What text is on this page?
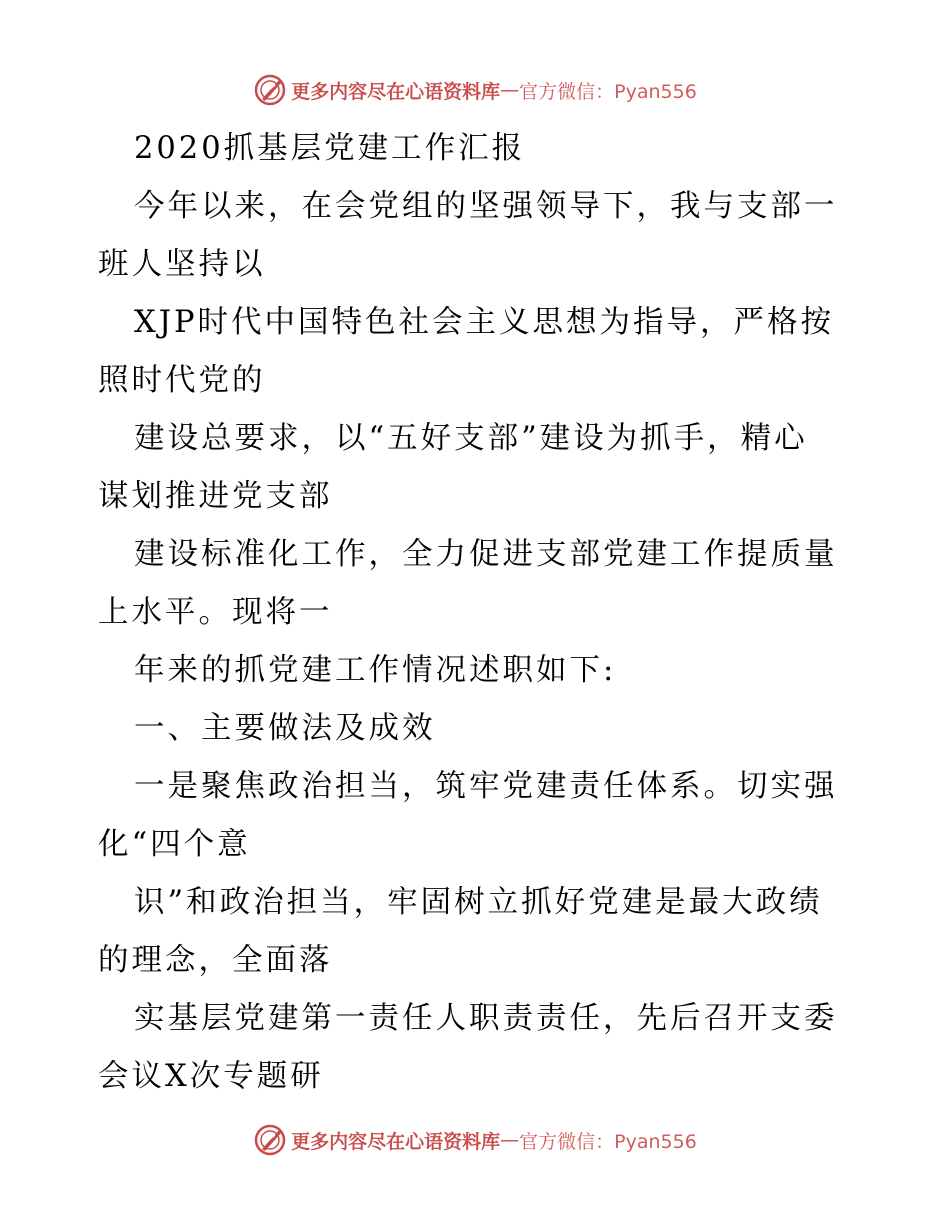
更多内容尽在心语资料库 — 官方微信：Pyan556
2020抓基层党建工作汇报
今年以来，在会党组的坚强领导下，我与支部一
班人坚持以
XJP时代中国特色社会主义思想为指导，严格按
照时代党的
建设总要求，以“五好支部”建设为抓手，精心
谋划推进党支部
建设标准化工作，全力促进支部党建工作提质量
上水平。现将一
年来的抓党建工作情况述职如下:
一、主要做法及成效
一是聚焦政治担当，筑牢党建责任体系。切实强
化“四个意
识”和政治担当，牢固树立抓好党建是最大政绩
的理念，全面落
实基层党建第一责任人职责责任，先后召开支委
会议X次专题研
更多内容尽在心语资料库 — 官方微信：Pyan556
